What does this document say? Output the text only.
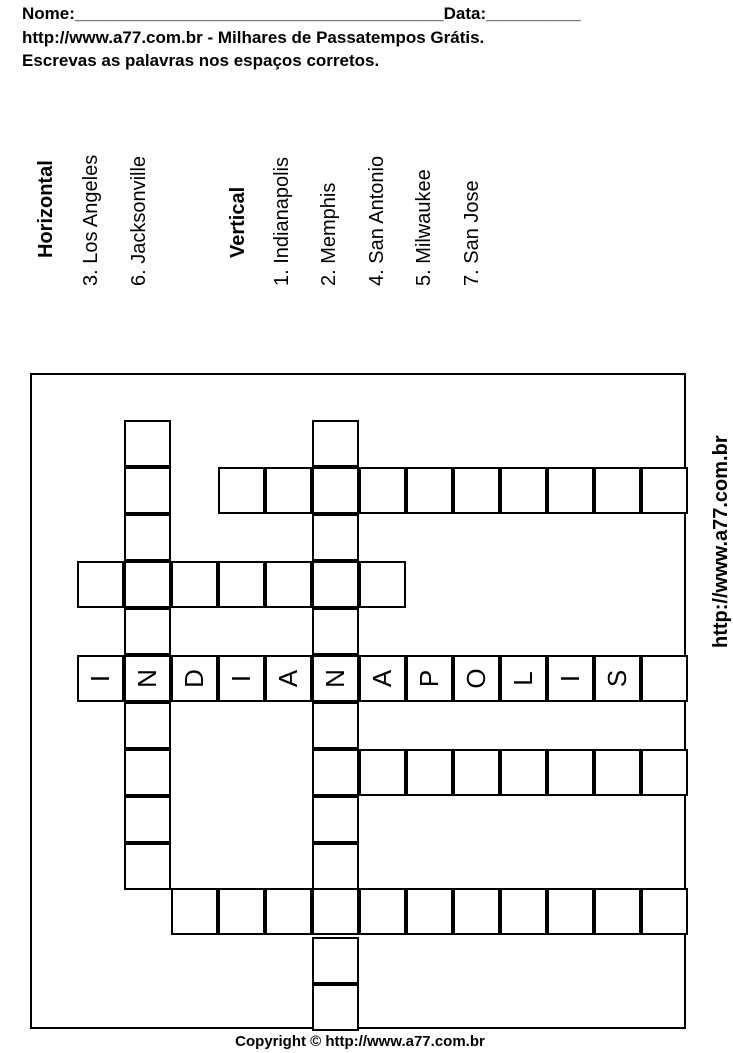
Nome:_______________________________________Data:__________
http://www.a77.com.br - Milhares de Passatempos Grátis.
Escrevas as palavras nos espaços corretos.
Horizontal 3. Los Angeles 6. Jacksonville	Vertical 1. Indianapolis 2. Memphis 4. San Antonio 5. Milwaukee 7. San Jose
I N D I A N A P O L I S
http://www.a77.com.br
Copyright © http://www.a77.com.br
